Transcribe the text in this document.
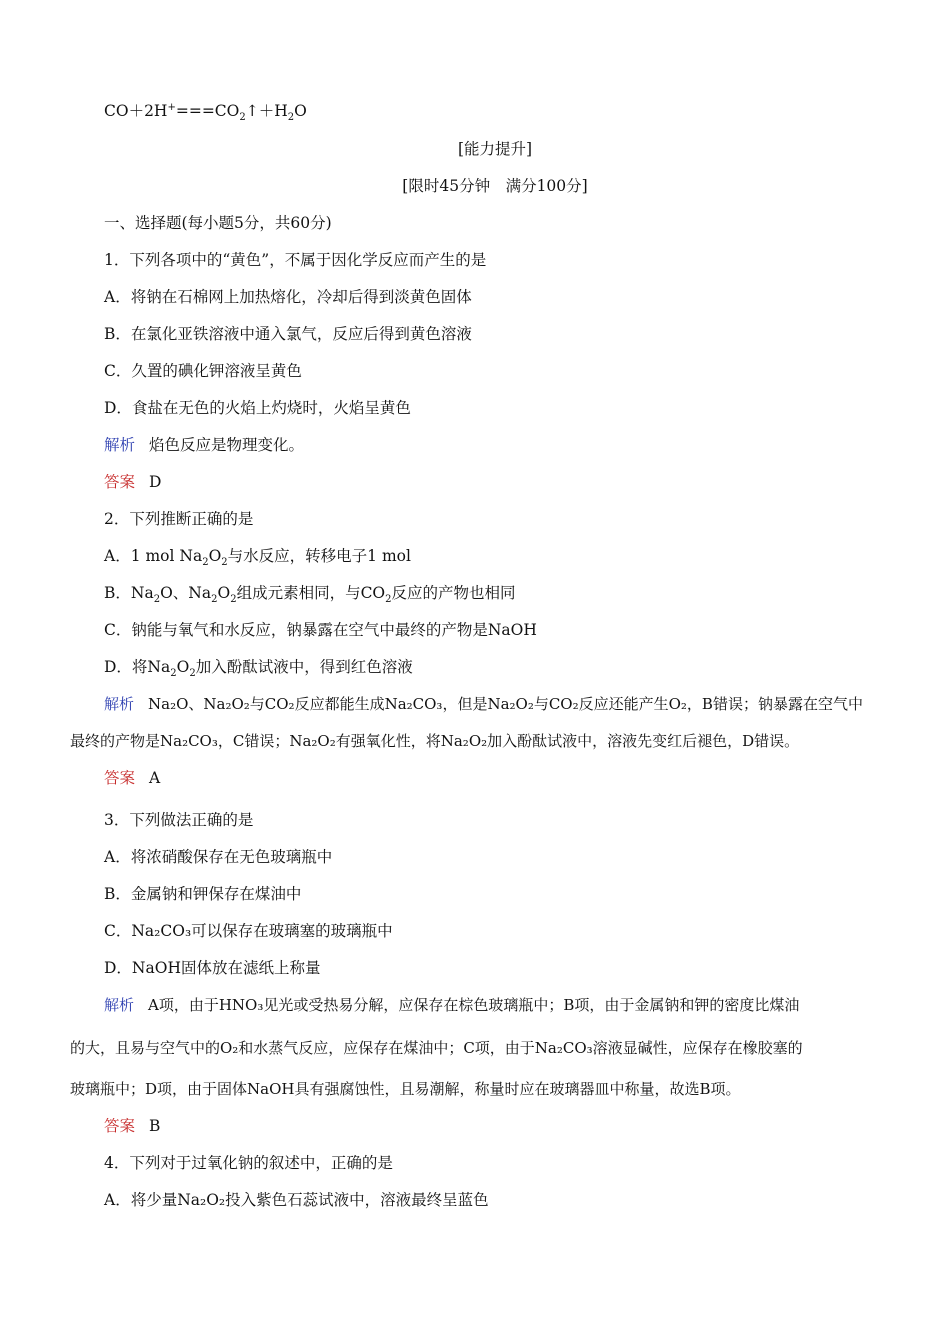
$CO+2H^+===CO_2↑+H_2O$
[能力提升]
[限时45分钟　满分100分]
一、选择题(每小题5分，共60分)
1．下列各项中的“黄色”，不属于因化学反应而产生的是
A．将钠在石棉网上加热熔化，冷却后得到淡黄色固体
B．在氯化亚铁溶液中通入氯气，反应后得到黄色溶液
C．久置的碘化钾溶液呈黄色
D．食盐在无色的火焰上灼烧时，火焰呈黄色
解析 焰色反应是物理变化。
答案 D
2．下列推断正确的是
A．1 mol $Na_2O_2$与水反应，转移电子1 mol
B．$Na_2O$、$Na_2O_2$组成元素相同，与$CO_2$反应的产物也相同
C．钠能与氧气和水反应，钠暴露在空气中最终的产物是NaOH
D．将$Na_2O_2$加入酚酞试液中，得到红色溶液
解析 Na₂O、Na₂O₂与CO₂反应都能生成Na₂CO₃，但是Na₂O₂与CO₂反应还能产生O₂，B错误；钠暴露在空气中
最终的产物是Na₂CO₃，C错误；Na₂O₂有强氧化性，将Na₂O₂加入酚酞试液中，溶液先变红后褪色，D错误。
答案 A
3．下列做法正确的是
A．将浓硝酸保存在无色玻璃瓶中
B．金属钠和钾保存在煤油中
C．Na₂CO₃可以保存在玻璃塞的玻璃瓶中
D．NaOH固体放在滤纸上称量
解析 A项，由于HNO₃见光或受热易分解，应保存在棕色玻璃瓶中；B项，由于金属钠和钾的密度比煤油
的大，且易与空气中的O₂和水蒸气反应，应保存在煤油中；C项，由于Na₂CO₃溶液显碱性，应保存在橡胶塞的
玻璃瓶中；D项，由于固体NaOH具有强腐蚀性，且易潮解，称量时应在玻璃器皿中称量，故选B项。
答案 B
4．下列对于过氧化钠的叙述中，正确的是
A．将少量Na₂O₂投入紫色石蕊试液中，溶液最终呈蓝色
